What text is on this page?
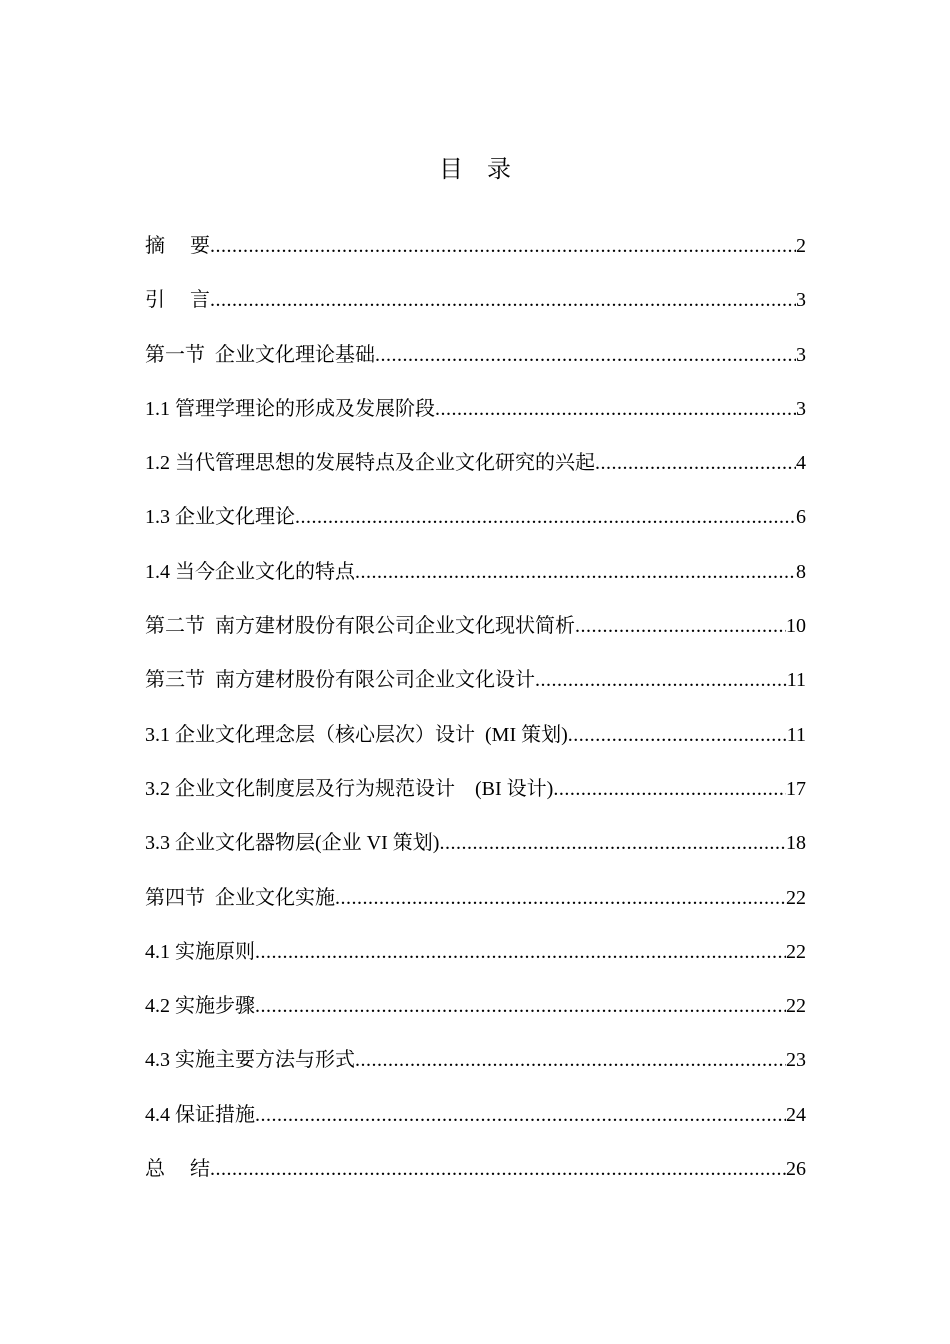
目　录
摘　 要 .....	2
引　 言 .....	3
第一节  企业文化理论基础 .....	3
1.1 管理学理论的形成及发展阶段 .....	3
1.2 当代管理思想的发展特点及企业文化研究的兴起 .....	4
1.3 企业文化理论 .....	6
1.4 当今企业文化的特点 .....	8
第二节  南方建材股份有限公司企业文化现状简析 .....	10
第三节  南方建材股份有限公司企业文化设计 .....	11
3.1 企业文化理念层（核心层次）设计  (MI 策划) .....	11
3.2 企业文化制度层及行为规范设计    (BI 设计) .....	17
3.3 企业文化器物层(企业 VI 策划) .....	18
第四节  企业文化实施 .....	22
4.1 实施原则 .....	22
4.2 实施步骤 .....	22
4.3 实施主要方法与形式 .....	23
4.4 保证措施 .....	24
总　 结 .....	26
